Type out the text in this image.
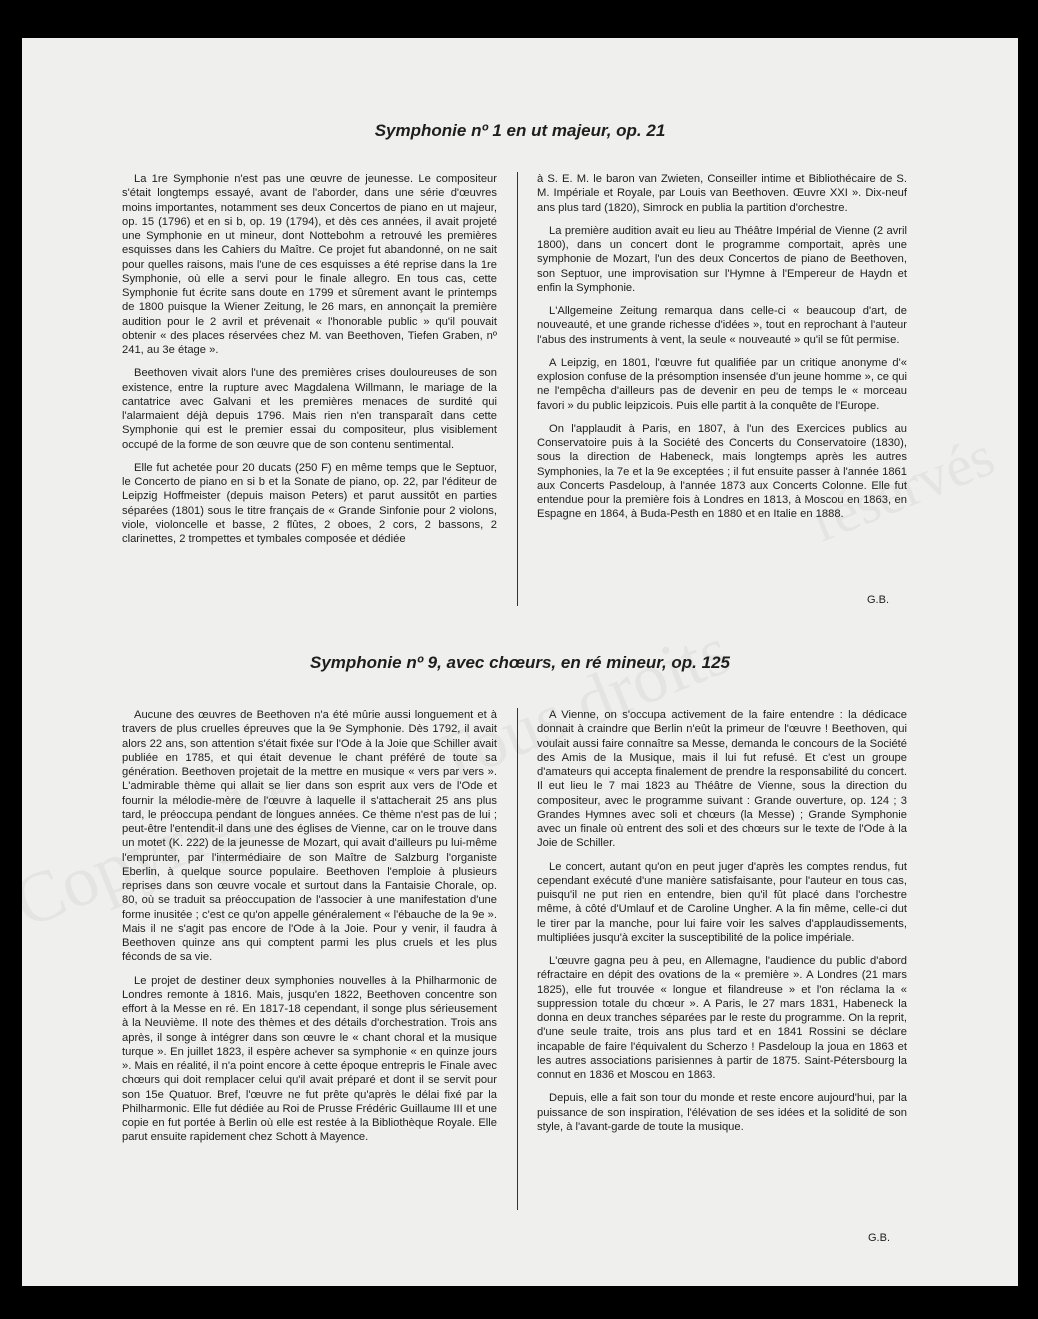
Symphonie nº 1 en ut majeur, op. 21

La 1re Symphonie n'est pas une œuvre de jeunesse. Le compositeur s'était longtemps essayé, avant de l'aborder, dans une série d'œuvres moins importantes, notamment ses deux Concertos de piano en ut majeur, op. 15 (1796) et en si b, op. 19 (1794), et dès ces années, il avait projeté une Symphonie en ut mineur, dont Nottebohm a retrouvé les premières esquisses dans les Cahiers du Maître. Ce projet fut abandonné, on ne sait pour quelles raisons, mais l'une de ces esquisses a été reprise dans la 1re Symphonie, où elle a servi pour le finale allegro. En tous cas, cette Symphonie fut écrite sans doute en 1799 et sûrement avant le printemps de 1800 puisque la Wiener Zeitung, le 26 mars, en annonçait la première audition pour le 2 avril et prévenait « l'honorable public » qu'il pouvait obtenir « des places réservées chez M. van Beethoven, Tiefen Graben, nº 241, au 3e étage ».

Beethoven vivait alors l'une des premières crises douloureuses de son existence, entre la rupture avec Magdalena Willmann, le mariage de la cantatrice avec Galvani et les premières menaces de surdité qui l'alarmaient déjà depuis 1796. Mais rien n'en transparaît dans cette Symphonie qui est le premier essai du compositeur, plus visiblement occupé de la forme de son œuvre que de son contenu sentimental.

Elle fut achetée pour 20 ducats (250 F) en même temps que le Septuor, le Concerto de piano en si b et la Sonate de piano, op. 22, par l'éditeur de Leipzig Hoffmeister (depuis maison Peters) et parut aussitôt en parties séparées (1801) sous le titre français de « Grande Sinfonie pour 2 violons, viole, violoncelle et basse, 2 flûtes, 2 oboes, 2 cors, 2 bassons, 2 clarinettes, 2 trompettes et tymbales composée et dédiée

à S. E. M. le baron van Zwieten, Conseiller intime et Bibliothécaire de S. M. Impériale et Royale, par Louis van Beethoven. Œuvre XXI ». Dix-neuf ans plus tard (1820), Simrock en publia la partition d'orchestre.

La première audition avait eu lieu au Théâtre Impérial de Vienne (2 avril 1800), dans un concert dont le programme comportait, après une symphonie de Mozart, l'un des deux Concertos de piano de Beethoven, son Septuor, une improvisation sur l'Hymne à l'Empereur de Haydn et enfin la Symphonie.

L'Allgemeine Zeitung remarqua dans celle-ci « beaucoup d'art, de nouveauté, et une grande richesse d'idées », tout en reprochant à l'auteur l'abus des instruments à vent, la seule « nouveauté » qu'il se fût permise.

A Leipzig, en 1801, l'œuvre fut qualifiée par un critique anonyme d'« explosion confuse de la présomption insensée d'un jeune homme », ce qui ne l'empêcha d'ailleurs pas de devenir en peu de temps le « morceau favori » du public leipzicois. Puis elle partit à la conquête de l'Europe.

On l'applaudit à Paris, en 1807, à l'un des Exercices publics au Conservatoire puis à la Société des Concerts du Conservatoire (1830), sous la direction de Habeneck, mais longtemps après les autres Symphonies, la 7e et la 9e exceptées ; il fut ensuite passer à l'année 1861 aux Concerts Pasdeloup, à l'année 1873 aux Concerts Colonne. Elle fut entendue pour la première fois à Londres en 1813, à Moscou en 1863, en Espagne en 1864, à Buda-Pesth en 1880 et en Italie en 1888.

G.B.
Symphonie nº 9, avec chœurs, en ré mineur, op. 125

Aucune des œuvres de Beethoven n'a été mûrie aussi longuement et à travers de plus cruelles épreuves que la 9e Symphonie. Dès 1792, il avait alors 22 ans, son attention s'était fixée sur l'Ode à la Joie que Schiller avait publiée en 1785, et qui était devenue le chant préféré de toute sa génération. Beethoven projetait de la mettre en musique « vers par vers ». L'admirable thème qui allait se lier dans son esprit aux vers de l'Ode et fournir la mélodie-mère de l'œuvre à laquelle il s'attacherait 25 ans plus tard, le préoccupa pendant de longues années. Ce thème n'est pas de lui ; peut-être l'entendit-il dans une des églises de Vienne, car on le trouve dans un motet (K. 222) de la jeunesse de Mozart, qui avait d'ailleurs pu lui-même l'emprunter, par l'intermédiaire de son Maître de Salzburg l'organiste Eberlin, à quelque source populaire. Beethoven l'emploie à plusieurs reprises dans son œuvre vocale et surtout dans la Fantaisie Chorale, op. 80, où se traduit sa préoccupation de l'associer à une manifestation d'une forme inusitée ; c'est ce qu'on appelle généralement « l'ébauche de la 9e ». Mais il ne s'agit pas encore de l'Ode à la Joie. Pour y venir, il faudra à Beethoven quinze ans qui comptent parmi les plus cruels et les plus féconds de sa vie.

Le projet de destiner deux symphonies nouvelles à la Philharmonic de Londres remonte à 1816. Mais, jusqu'en 1822, Beethoven concentre son effort à la Messe en ré. En 1817-18 cependant, il songe plus sérieusement à la Neuvième. Il note des thèmes et des détails d'orchestration. Trois ans après, il songe à intégrer dans son œuvre le « chant choral et la musique turque ». En juillet 1823, il espère achever sa symphonie « en quinze jours ». Mais en réalité, il n'a point encore à cette époque entrepris le Finale avec chœurs qui doit remplacer celui qu'il avait préparé et dont il se servit pour son 15e Quatuor. Bref, l'œuvre ne fut prête qu'après le délai fixé par la Philharmonic. Elle fut dédiée au Roi de Prusse Frédéric Guillaume III et une copie en fut portée à Berlin où elle est restée à la Bibliothèque Royale. Elle parut ensuite rapidement chez Schott à Mayence.

A Vienne, on s'occupa activement de la faire entendre : la dédicace donnait à craindre que Berlin n'eût la primeur de l'œuvre ! Beethoven, qui voulait aussi faire connaître sa Messe, demanda le concours de la Société des Amis de la Musique, mais il lui fut refusé. Et c'est un groupe d'amateurs qui accepta finalement de prendre la responsabilité du concert. Il eut lieu le 7 mai 1823 au Théâtre de Vienne, sous la direction du compositeur, avec le programme suivant : Grande ouverture, op. 124 ; 3 Grandes Hymnes avec soli et chœurs (la Messe) ; Grande Symphonie avec un finale où entrent des soli et des chœurs sur le texte de l'Ode à la Joie de Schiller.

Le concert, autant qu'on en peut juger d'après les comptes rendus, fut cependant exécuté d'une manière satisfaisante, pour l'auteur en tous cas, puisqu'il ne put rien en entendre, bien qu'il fût placé dans l'orchestre même, à côté d'Umlauf et de Caroline Ungher. A la fin même, celle-ci dut le tirer par la manche, pour lui faire voir les salves d'applaudissements, multipliées jusqu'à exciter la susceptibilité de la police impériale.

L'œuvre gagna peu à peu, en Allemagne, l'audience du public d'abord réfractaire en dépit des ovations de la « première ». A Londres (21 mars 1825), elle fut trouvée « longue et filandreuse » et l'on réclama la « suppression totale du chœur ». A Paris, le 27 mars 1831, Habeneck la donna en deux tranches séparées par le reste du programme. On la reprit, d'une seule traite, trois ans plus tard et en 1841 Rossini se déclare incapable de faire l'équivalent du Scherzo ! Pasdeloup la joua en 1863 et les autres associations parisiennes à partir de 1875. Saint-Pétersbourg la connut en 1836 et Moscou en 1863.

Depuis, elle a fait son tour du monde et reste encore aujourd'hui, par la puissance de son inspiration, l'élévation de ses idées et la solidité de son style, à l'avant-garde de toute la musique.

G.B.
